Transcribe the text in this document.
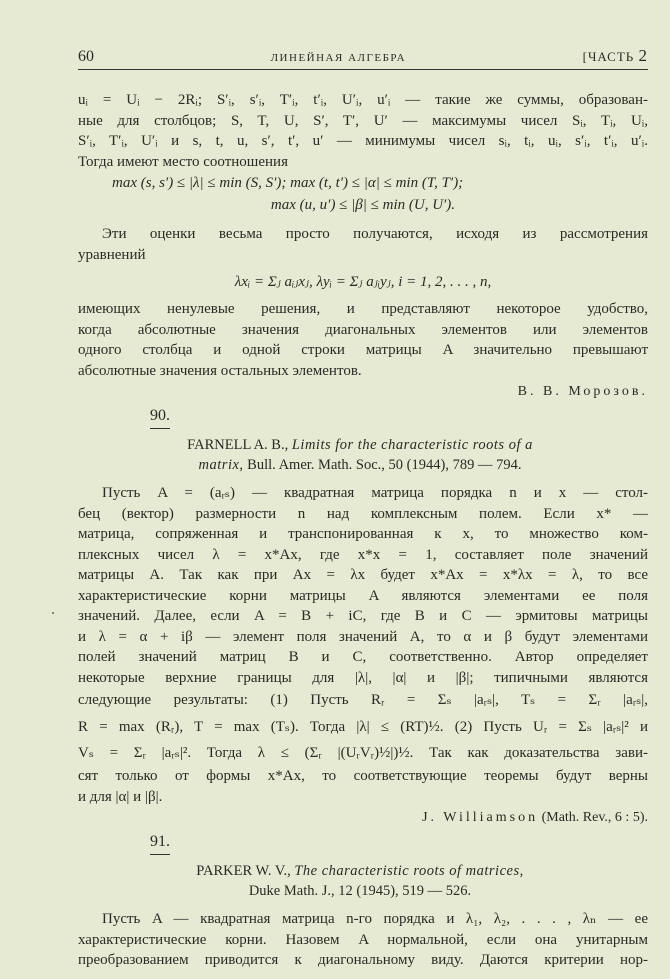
60	ЛИНЕЙНАЯ АЛГЕБРА	[ЧАСТЬ 2
uᵢ = Uᵢ − 2Rᵢ; S′ᵢ, s′ᵢ, T′ᵢ, t′ᵢ, U′ᵢ, u′ᵢ — такие же суммы, образован-
ные для столбцов; S, T, U, S′, T′, U′ — максимумы чисел Sᵢ, Tᵢ, Uᵢ,
S′ᵢ, T′ᵢ, U′ᵢ и s, t, u, s′, t′, u′ — минимумы чисел sᵢ, tᵢ, uᵢ, s′ᵢ, t′ᵢ, u′ᵢ.
Тогда имеют место соотношения
max (s, s′) ≤ |λ| ≤ min (S, S′); max (t, t′) ≤ |α| ≤ min (T, T′);
max (u, u′) ≤ |β| ≤ min (U, U′).
Эти оценки весьма просто получаются, исходя из рассмотрения
уравнений
λxᵢ = Σⱼ aᵢⱼxⱼ, λyᵢ = Σⱼ aⱼᵢyⱼ, i = 1, 2, . . . , n,
имеющих ненулевые решения, и представляют некоторое удобство,
когда абсолютные значения диагональных элементов или элементов
одного столбца и одной строки матрицы A значительно превышают
абсолютные значения остальных элементов.
В. В. Морозов.
90.
FARNELL A. B., Limits for the characteristic roots of a
matrix, Bull. Amer. Math. Soc., 50 (1944), 789 — 794.
Пусть A = (aᵣₛ) — квадратная матрица порядка n и x — стол-
бец (вектор) размерности n над комплексным полем. Если x* —
матрица, сопряженная и транспонированная к x, то множество ком-
плексных чисел λ = x*Ax, где x*x = 1, составляет поле значений
матрицы A. Так как при Ax = λx будет x*Ax = x*λx = λ, то все
характеристические корни матрицы A являются элементами ее поля
значений. Далее, если A = B + iC, где B и C — эрмитовы матрицы
и λ = α + iβ — элемент поля значений A, то α и β будут элементами
полей значений матриц B и C, соответственно. Автор определяет
некоторые верхние границы для |λ|, |α| и |β|; типичными являются
следующие результаты: (1) Пусть Rᵣ = Σₛ |aᵣₛ|, Tₛ = Σᵣ |aᵣₛ|,
R = max (Rᵣ), T = max (Tₛ). Тогда |λ| ≤ (RT)½. (2) Пусть Uᵣ = Σₛ |aᵣₛ|² и
Vₛ = Σᵣ |aᵣₛ|². Тогда λ ≤ (Σᵣ |(UᵣVᵣ)½|)½. Так как доказательства зави-
сят только от формы x*Ax, то соответствующие теоремы будут верны
и для |α| и |β|.
J. Williamson (Math. Rev., 6 : 5).
91.
PARKER W. V., The characteristic roots of matrices,
Duke Math. J., 12 (1945), 519 — 526.
Пусть A — квадратная матрица n-го порядка и λ₁, λ₂, . . . , λₙ — ее
характеристические корни. Назовем A нормальной, если она унитарным
преобразованием приводится к диагональному виду. Даются критерии нор-
